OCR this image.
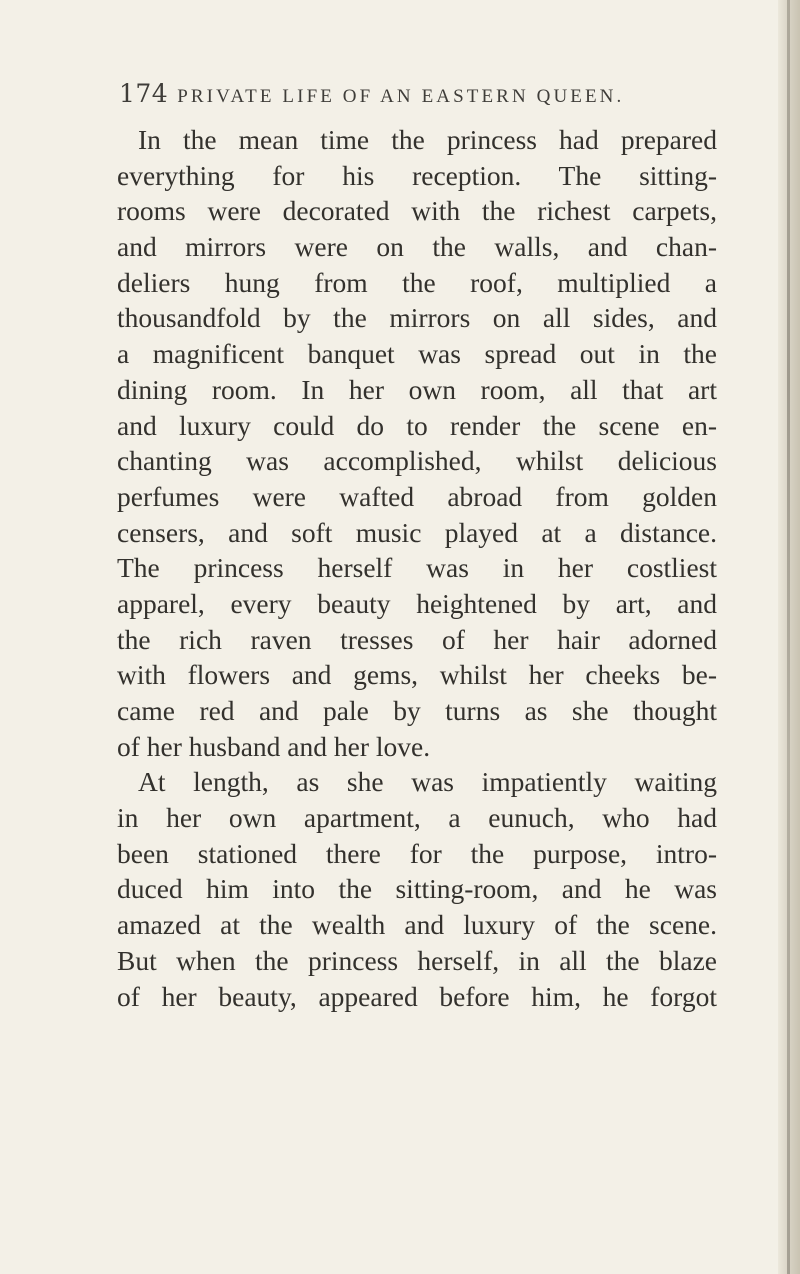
174 PRIVATE LIFE OF AN EASTERN QUEEN.
In the mean time the princess had prepared
everything for his reception. The sitting-
rooms were decorated with the richest carpets,
and mirrors were on the walls, and chan-
deliers hung from the roof, multiplied a
thousandfold by the mirrors on all sides, and
a magnificent banquet was spread out in the
dining room. In her own room, all that art
and luxury could do to render the scene en-
chanting was accomplished, whilst delicious
perfumes were wafted abroad from golden
censers, and soft music played at a distance.
The princess herself was in her costliest
apparel, every beauty heightened by art, and
the rich raven tresses of her hair adorned
with flowers and gems, whilst her cheeks be-
came red and pale by turns as she thought
of her husband and her love.
At length, as she was impatiently waiting
in her own apartment, a eunuch, who had
been stationed there for the purpose, intro-
duced him into the sitting-room, and he was
amazed at the wealth and luxury of the scene.
But when the princess herself, in all the blaze
of her beauty, appeared before him, he forgot
